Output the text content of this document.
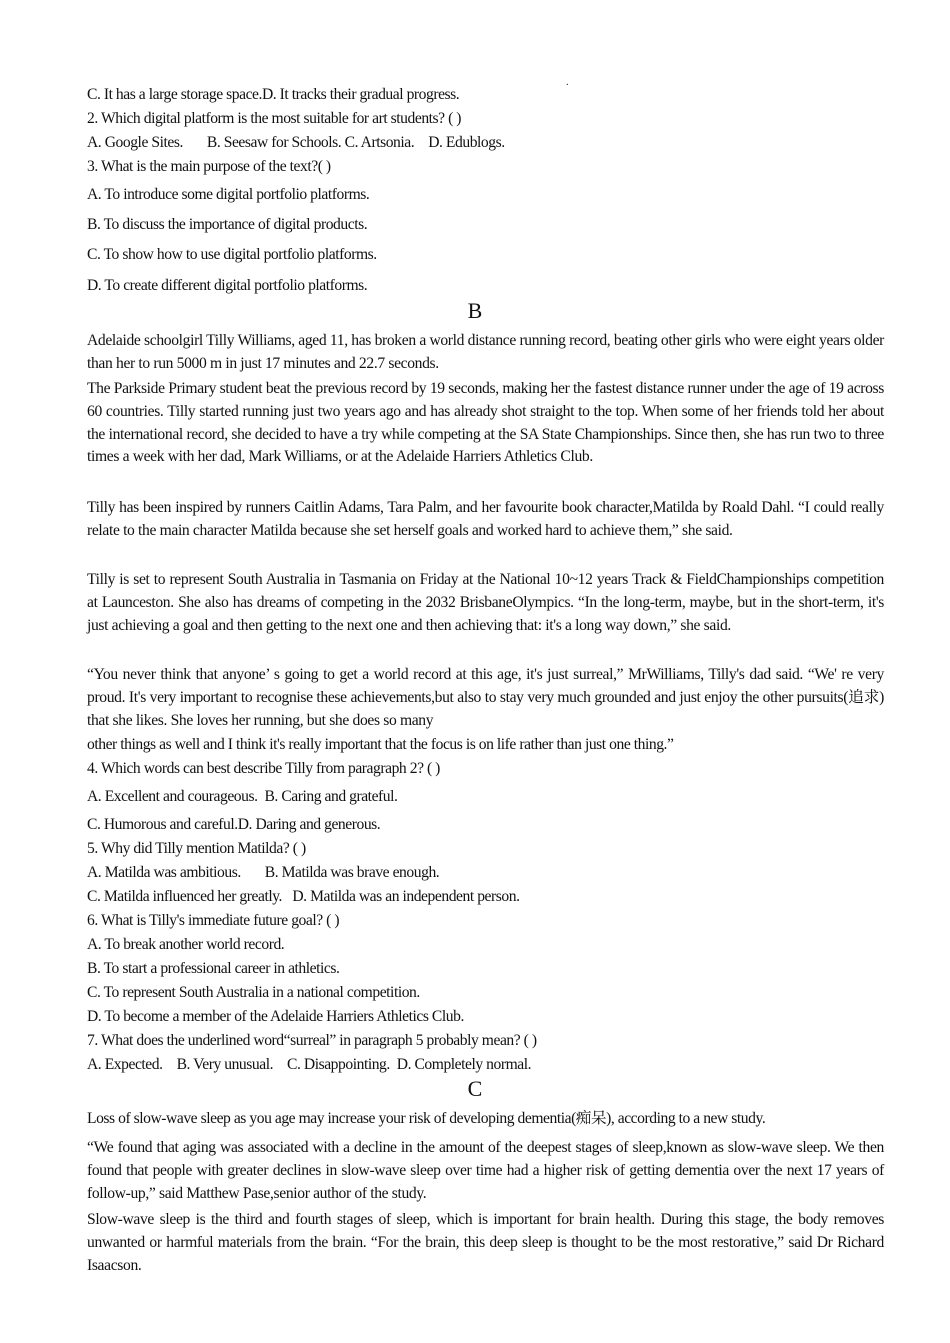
.
C. It has a large storage space.D. It tracks their gradual progress.
2. Which digital platform is the most suitable for art students? ( )
A. Google Sites. B. Seesaw for Schools. C. Artsonia. D. Edublogs.
3. What is the main purpose of the text?( )
A. To introduce some digital portfolio platforms.
B. To discuss the importance of digital products.
C. To show how to use digital portfolio platforms.
D. To create different digital portfolio platforms.
B
Adelaide schoolgirl Tilly Williams, aged 11, has broken a world distance running record, beating other girls who were eight years older than her to run 5000 m in just 17 minutes and 22.7 seconds.
The Parkside Primary student beat the previous record by 19 seconds, making her the fastest distance runner under the age of 19 across 60 countries. Tilly started running just two years ago and has already shot straight to the top. When some of her friends told her about the international record, she decided to have a try while competing at the SA State Championships. Since then, she has run two to three times a week with her dad, Mark Williams, or at the Adelaide Harriers Athletics Club.
Tilly has been inspired by runners Caitlin Adams, Tara Palm, and her favourite book character,Matilda by Roald Dahl. “I could really relate to the main character Matilda because she set herself goals and worked hard to achieve them,” she said.
Tilly is set to represent South Australia in Tasmania on Friday at the National 10~12 years Track & FieldChampionships competition at Launceston. She also has dreams of competing in the 2032 BrisbaneOlympics. “In the long-term, maybe, but in the short-term, it's just achieving a goal and then getting to the next one and then achieving that: it's a long way down,” she said.
“You never think that anyone’ s going to get a world record at this age, it's just surreal,” MrWilliams, Tilly's dad said. “We' re very proud. It's very important to recognise these achievements,but also to stay very much grounded and just enjoy the other pursuits(追求) that she likes. She loves her running, but she does so many
other things as well and I think it's really important that the focus is on life rather than just one thing.”
4. Which words can best describe Tilly from paragraph 2? ( )
A. Excellent and courageous. B. Caring and grateful.
C. Humorous and careful.D. Daring and generous.
5. Why did Tilly mention Matilda? ( )
A. Matilda was ambitious. B. Matilda was brave enough.
C. Matilda influenced her greatly. D. Matilda was an independent person.
6. What is Tilly's immediate future goal? ( )
A. To break another world record.
B. To start a professional career in athletics.
C. To represent South Australia in a national competition.
D. To become a member of the Adelaide Harriers Athletics Club.
7. What does the underlined word“surreal” in paragraph 5 probably mean? ( )
A. Expected. B. Very unusual. C. Disappointing. D. Completely normal.
C
Loss of slow-wave sleep as you age may increase your risk of developing dementia(痴呆), according to a new study.
“We found that aging was associated with a decline in the amount of the deepest stages of sleep,known as slow-wave sleep. We then found that people with greater declines in slow-wave sleep over time had a higher risk of getting dementia over the next 17 years of follow-up,” said Matthew Pase,senior author of the study.
Slow-wave sleep is the third and fourth stages of sleep, which is important for brain health. During this stage, the body removes unwanted or harmful materials from the brain. “For the brain, this deep sleep is thought to be the most restorative,” said Dr Richard Isaacson.
